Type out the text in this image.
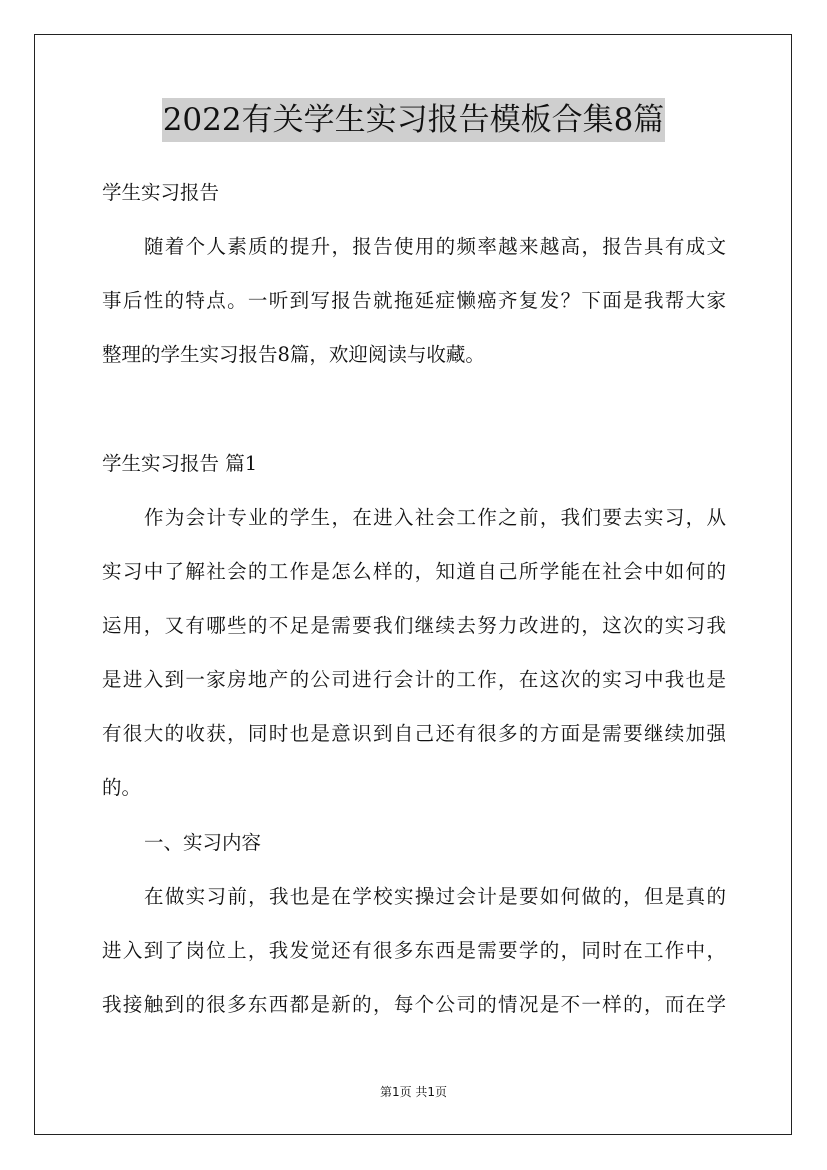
2022有关学生实习报告模板合集8篇
学生实习报告
随着个人素质的提升，报告使用的频率越来越高，报告具有成文
事后性的特点。一听到写报告就拖延症懒癌齐复发？下面是我帮大家
整理的学生实习报告8篇，欢迎阅读与收藏。
学生实习报告 篇1
作为会计专业的学生，在进入社会工作之前，我们要去实习，从
实习中了解社会的工作是怎么样的，知道自己所学能在社会中如何的
运用，又有哪些的不足是需要我们继续去努力改进的，这次的实习我
是进入到一家房地产的公司进行会计的工作，在这次的实习中我也是
有很大的收获，同时也是意识到自己还有很多的方面是需要继续加强
的。
一、实习内容
在做实习前，我也是在学校实操过会计是要如何做的，但是真的
进入到了岗位上，我发觉还有很多东西是需要学的，同时在工作中，
我接触到的很多东西都是新的，每个公司的情况是不一样的，而在学
第1页 共1页
